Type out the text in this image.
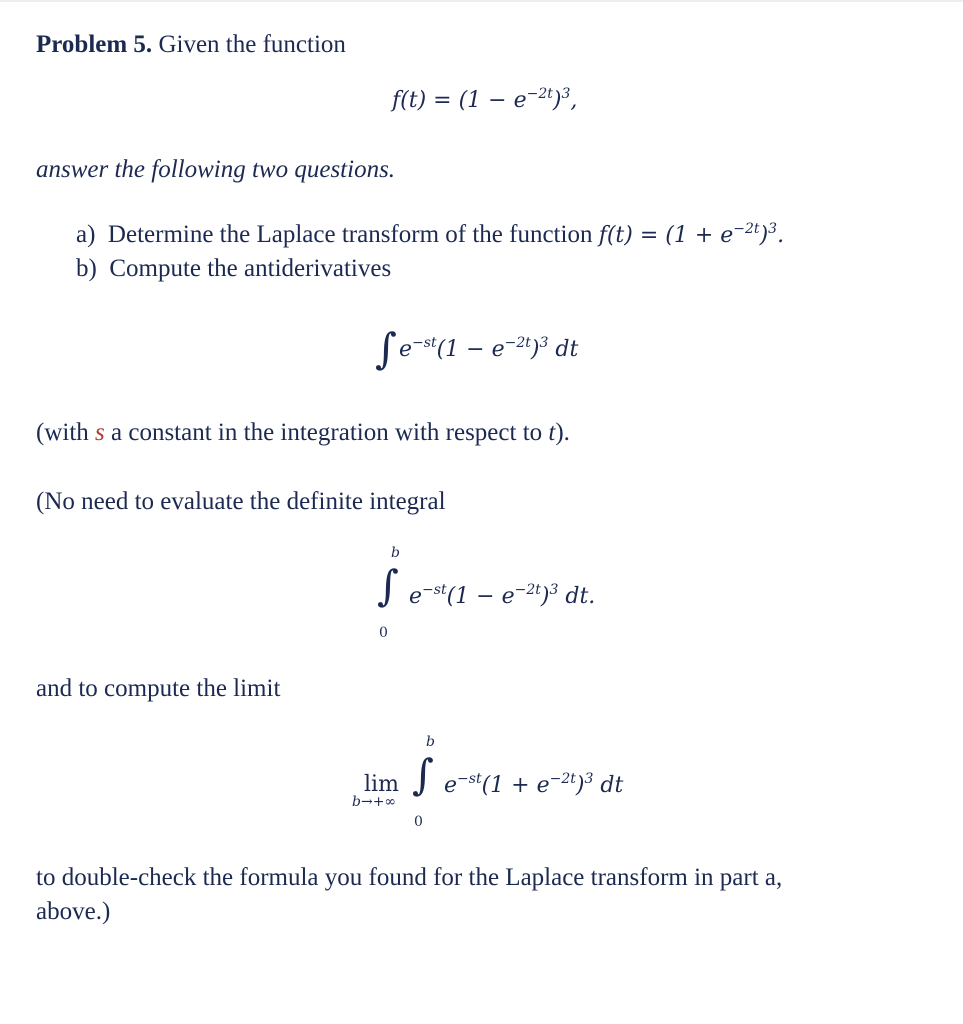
Problem 5. Given the function
$f(t) = (1 - e^{-2t})^3$,
answer the following two questions.
a) Determine the Laplace transform of the function $f(t) = (1 + e^{-2t})^3$.
b) Compute the antiderivatives
∫ $e^{-st}(1 - e^{-2t})^3$ dt
(with s a constant in the integration with respect to t).
(No need to evaluate the definite integral
b
∫
0
$e^{-st}(1 - e^{-2t})^3$ dt.
and to compute the limit
lim
b→+∞
b
∫
0
$e^{-st}(1 + e^{-2t})^3$ dt
to double-check the formula you found for the Laplace transform in part a,
above.)
